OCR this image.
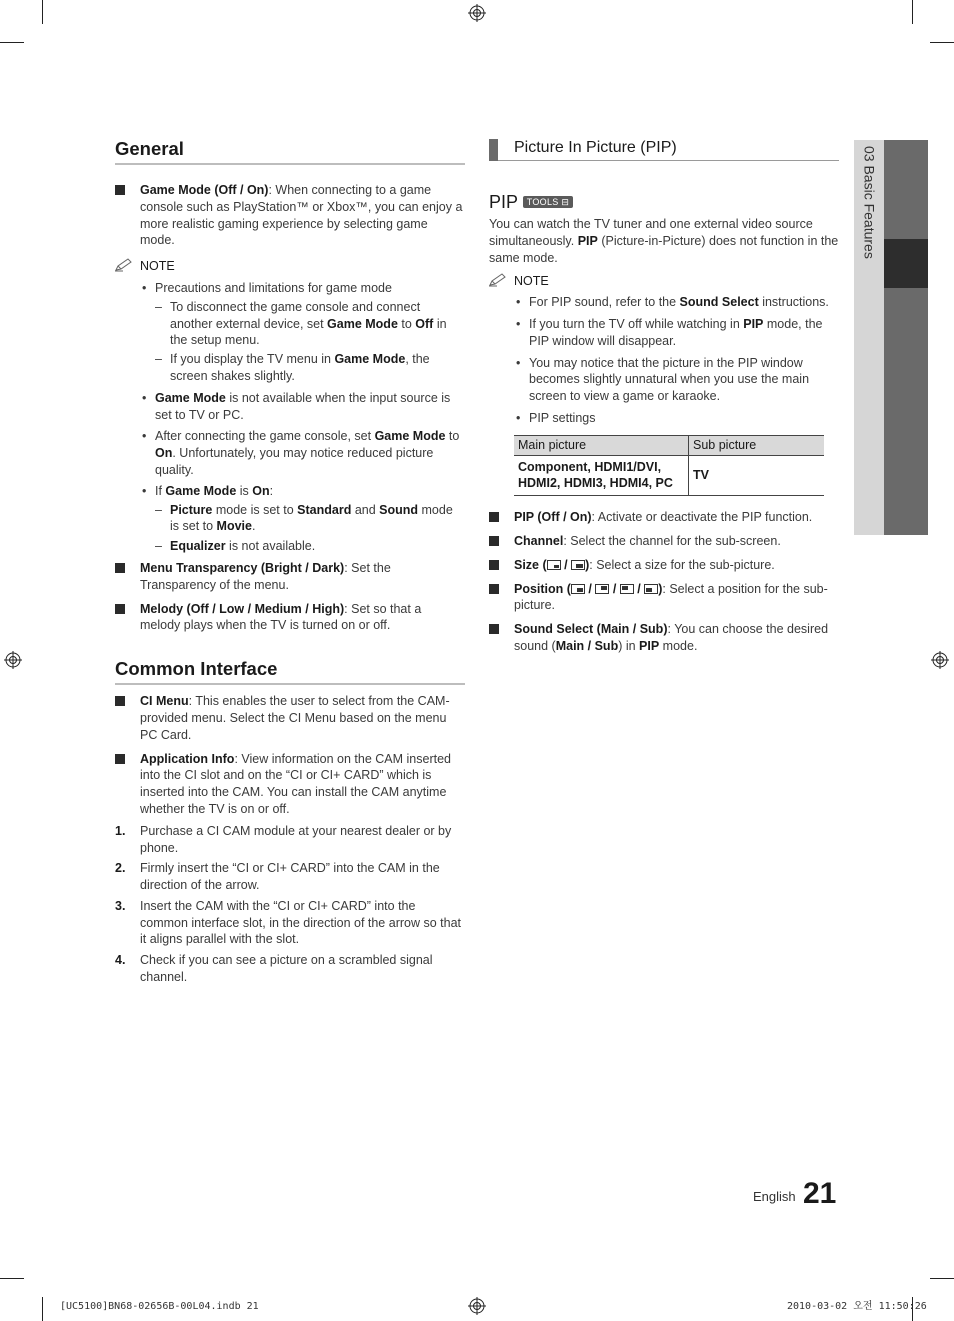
General

Game Mode (Off / On): When connecting to a game console such as PlayStation™ or Xbox™, you can enjoy a more realistic gaming experience by selecting game mode.

NOTE

• Precautions and limitations for game mode

– To disconnect the game console and connect another external device, set Game Mode to Off in the setup menu.

– If you display the TV menu in Game Mode, the screen shakes slightly.

• Game Mode is not available when the input source is set to TV or PC.

• After connecting the game console, set Game Mode to On. Unfortunately, you may notice reduced picture quality.

• If Game Mode is On:

– Picture mode is set to Standard and Sound mode is set to Movie.

– Equalizer is not available.

Menu Transparency (Bright / Dark): Set the Transparency of the menu.

Melody (Off / Low / Medium / High): Set so that a melody plays when the TV is turned on or off.

Common Interface

CI Menu: This enables the user to select from the CAM-provided menu. Select the CI Menu based on the menu PC Card.

Application Info: View information on the CAM inserted into the CI slot and on the “CI or CI+ CARD” which is inserted into the CAM. You can install the CAM anytime whether the TV is on or off.

1. Purchase a CI CAM module at your nearest dealer or by phone.

2. Firmly insert the “CI or CI+ CARD” into the CAM in the direction of the arrow.

3. Insert the CAM with the “CI or CI+ CARD” into the common interface slot, in the direction of the arrow so that it aligns parallel with the slot.

4. Check if you can see a picture on a scrambled signal channel.

Picture In Picture (PIP)
PIP TOOLS ⊟

You can watch the TV tuner and one external video source simultaneously. PIP (Picture-in-Picture) does not function in the same mode.

NOTE

• For PIP sound, refer to the Sound Select instructions.

• If you turn the TV off while watching in PIP mode, the PIP window will disappear.

• You may notice that the picture in the PIP window becomes slightly unnatural when you use the main screen to view a game or karaoke.

• PIP settings

Main picture	Sub picture
Component, HDMI1/DVI, HDMI2, HDMI3, HDMI4, PC	TV

PIP (Off / On): Activate or deactivate the PIP function.

Channel: Select the channel for the sub-screen.

Size (
/
): Select a size for the sub-picture.

Position (
/
/
/
): Select a position for the sub-picture.

Sound Select (Main / Sub): You can choose the desired sound (Main / Sub) in PIP mode.

03 Basic Features
English 21
[UC5100]BN68-02656B-00L04.indb 21	2010-03-02 오전 11:50:26
